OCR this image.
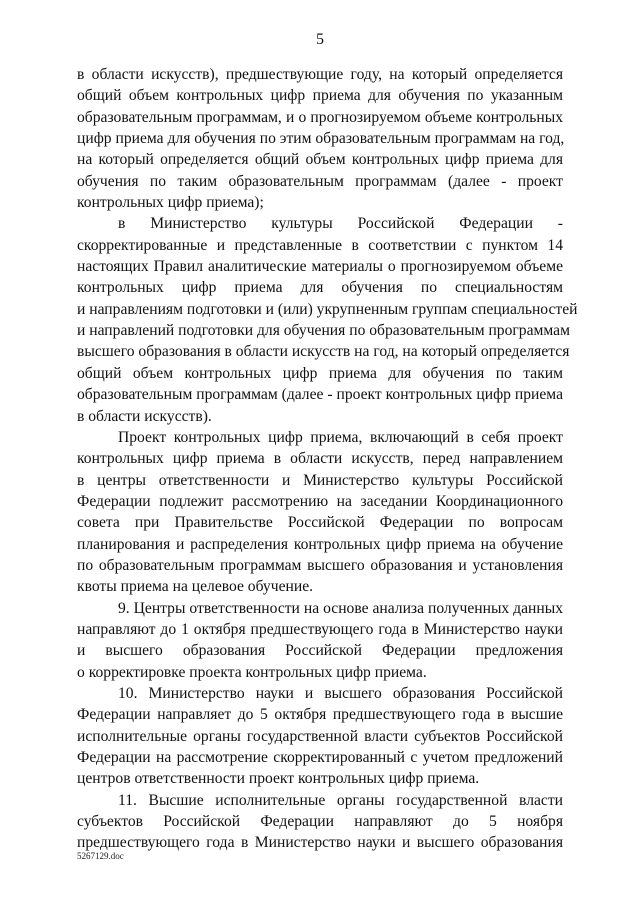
5
в области искусств), предшествующие году, на который определяется
общий объем контрольных цифр приема для обучения по указанным
образовательным программам, и о прогнозируемом объеме контрольных
цифр приема для обучения по этим образовательным программам на год,
на который определяется общий объем контрольных цифр приема для
обучения по таким образовательным программам (далее - проект
контрольных цифр приема);
в Министерство культуры Российской Федерации -
скорректированные и представленные в соответствии с пунктом 14
настоящих Правил аналитические материалы о прогнозируемом объеме
контрольных цифр приема для обучения по специальностям
и направлениям подготовки и (или) укрупненным группам специальностей
и направлений подготовки для обучения по образовательным программам
высшего образования в области искусств на год, на который определяется
общий объем контрольных цифр приема для обучения по таким
образовательным программам (далее - проект контрольных цифр приема
в области искусств).
Проект контрольных цифр приема, включающий в себя проект
контрольных цифр приема в области искусств, перед направлением
в центры ответственности и Министерство культуры Российской
Федерации подлежит рассмотрению на заседании Координационного
совета при Правительстве Российской Федерации по вопросам
планирования и распределения контрольных цифр приема на обучение
по образовательным программам высшего образования и установления
квоты приема на целевое обучение.
9. Центры ответственности на основе анализа полученных данных
направляют до 1 октября предшествующего года в Министерство науки
и высшего образования Российской Федерации предложения
о корректировке проекта контрольных цифр приема.
10. Министерство науки и высшего образования Российской
Федерации направляет до 5 октября предшествующего года в высшие
исполнительные органы государственной власти субъектов Российской
Федерации на рассмотрение скорректированный с учетом предложений
центров ответственности проект контрольных цифр приема.
11. Высшие исполнительные органы государственной власти
субъектов Российской Федерации направляют до 5 ноября
предшествующего года в Министерство науки и высшего образования
5267129.doc
